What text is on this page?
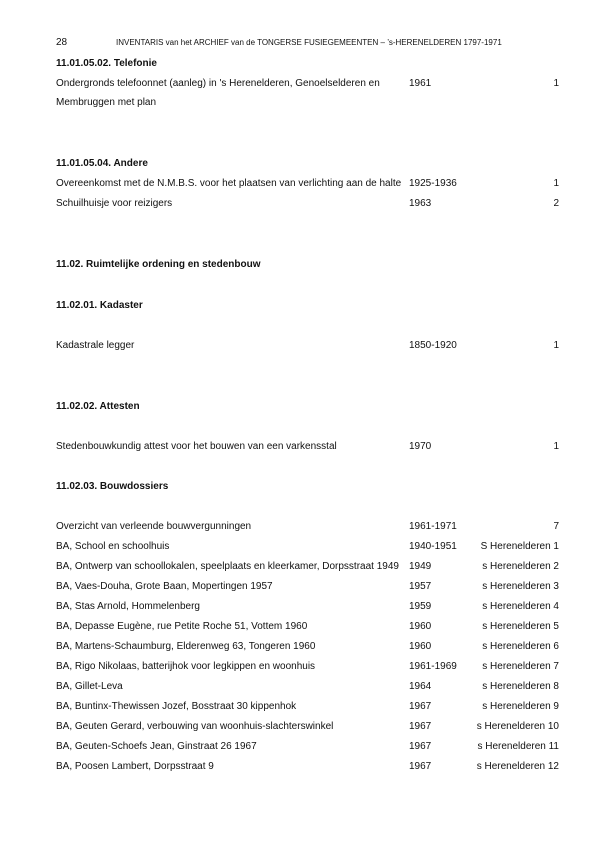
28	INVENTARIS van het ARCHIEF van de TONGERSE FUSIEGEMEENTEN – ’s-HERENELDEREN 1797-1971
11.01.05.02. Telefonie
Ondergronds telefoonnet (aanleg) in 's Herenelderen, Genoelselderen en	1961	1
Membruggen met plan
11.01.05.04. Andere
Overeenkomst met de N.M.B.S. voor het plaatsen van verlichting aan de halte 1925-1936	1
Schuilhuisje voor reizigers	1963	2
11.02. Ruimtelijke ordening en stedenbouw
11.02.01. Kadaster
Kadastrale legger	1850-1920	1
11.02.02. Attesten
Stedenbouwkundig attest voor het bouwen van een varkensstal	1970	1
11.02.03. Bouwdossiers
Overzicht van verleende bouwvergunningen	1961-1971	7
BA, School en schoolhuis	1940-1951 S Herenelderen 1
BA, Ontwerp van schoollokalen, speelplaats en kleerkamer, Dorpsstraat 1949 1949	s Herenelderen 2
BA, Vaes-Douha, Grote Baan, Mopertingen 1957	1957	s Herenelderen 3
BA, Stas Arnold, Hommelenberg	1959	s Herenelderen 4
BA, Depasse Eugène, rue Petite Roche 51, Vottem 1960	1960	s Herenelderen 5
BA, Martens-Schaumburg, Elderenweg 63, Tongeren 1960	1960	s Herenelderen 6
BA, Rigo Nikolaas, batterijhok voor legkippen en woonhuis	1961-1969	s Herenelderen 7
BA, Gillet-Leva	1964	s Herenelderen 8
BA, Buntinx-Thewissen Jozef, Bosstraat 30 kippenhok	1967	s Herenelderen 9
BA, Geuten Gerard, verbouwing van woonhuis-slachterswinkel	1967	s Herenelderen 10
BA, Geuten-Schoefs Jean, Ginstraat 26 1967	1967	s Herenelderen 11
BA, Poosen Lambert, Dorpsstraat 9	1967	s Herenelderen 12
